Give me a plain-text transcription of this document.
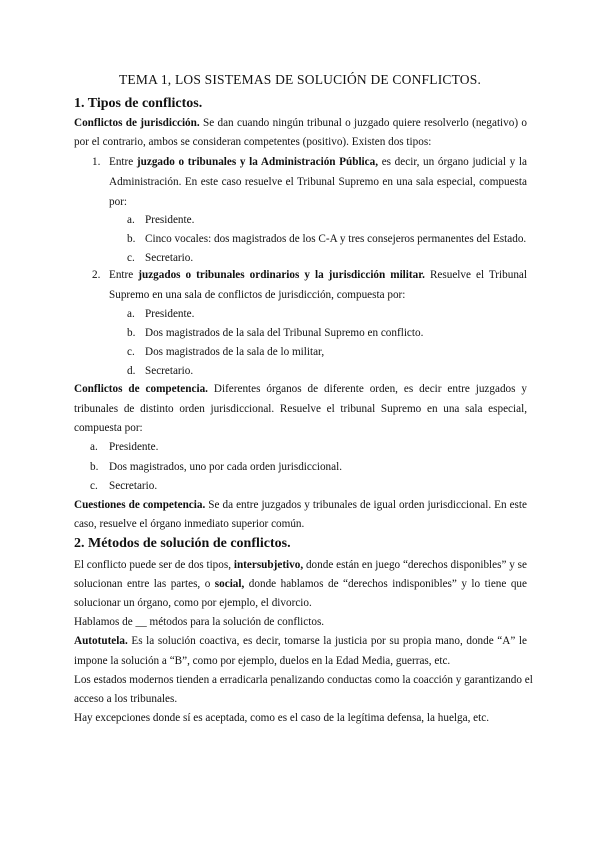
TEMA 1, LOS SISTEMAS DE SOLUCIÓN DE CONFLICTOS.
1. Tipos de conflictos.
Conflictos de jurisdicción. Se dan cuando ningún tribunal o juzgado quiere resolverlo (negativo) o
por el contrario, ambos se consideran competentes (positivo). Existen dos tipos:
1. Entre juzgado o tribunales y la Administración Pública, es decir, un órgano judicial y la
Administración. En este caso resuelve el Tribunal Supremo en una sala especial, compuesta
por:
a. Presidente.
b. Cinco vocales: dos magistrados de los C-A y tres consejeros permanentes del Estado.
c. Secretario.
2. Entre juzgados o tribunales ordinarios y la jurisdicción militar. Resuelve el Tribunal
Supremo en una sala de conflictos de jurisdicción, compuesta por:
a. Presidente.
b. Dos magistrados de la sala del Tribunal Supremo en conflicto.
c. Dos magistrados de la sala de lo militar,
d. Secretario.
Conflictos de competencia. Diferentes órganos de diferente orden, es decir entre juzgados y
tribunales de distinto orden jurisdiccional. Resuelve el tribunal Supremo en una sala especial,
compuesta por:
a. Presidente.
b. Dos magistrados, uno por cada orden jurisdiccional.
c. Secretario.
Cuestiones de competencia. Se da entre juzgados y tribunales de igual orden jurisdiccional. En este
caso, resuelve el órgano inmediato superior común.
2. Métodos de solución de conflictos.
El conflicto puede ser de dos tipos, intersubjetivo, donde están en juego “derechos disponibles” y se
solucionan entre las partes, o social, donde hablamos de “derechos indisponibles” y lo tiene que
solucionar un órgano, como por ejemplo, el divorcio.
Hablamos de __ métodos para la solución de conflictos.
Autotutela. Es la solución coactiva, es decir, tomarse la justicia por su propia mano, donde “A” le
impone la solución a “B”, como por ejemplo, duelos en la Edad Media, guerras, etc.
Los estados modernos tienden a erradicarla penalizando conductas como la coacción y garantizando el
acceso a los tribunales.
Hay excepciones donde sí es aceptada, como es el caso de la legítima defensa, la huelga, etc.
